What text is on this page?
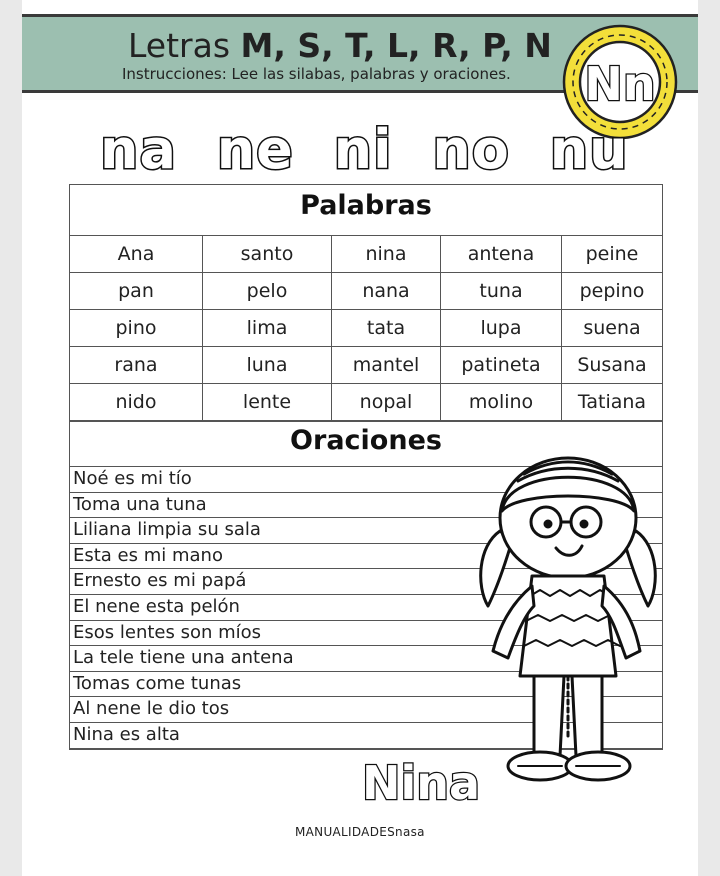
Letras M, S, T, L, R, P, N
Instrucciones: Lee las silabas, palabras y oraciones. Nn
na ne ni no nu
Palabras
Ana	santo	nina	antena	peine
pan	pelo	nana	tuna	pepino
pino	lima	tata	lupa	suena
rana	luna	mantel	patineta	Susana
nido	lente	nopal	molino	Tatiana
Oraciones
Noé es mi tío
Toma una tuna
Liliana limpia su sala
Esta es mi mano
Ernesto es mi papá
El nene esta pelón
Esos lentes son míos
La tele tiene una antena
Tomas come tunas
Al nene le dio tos
Nina es alta
Nina
MANUALIDADESnasa
